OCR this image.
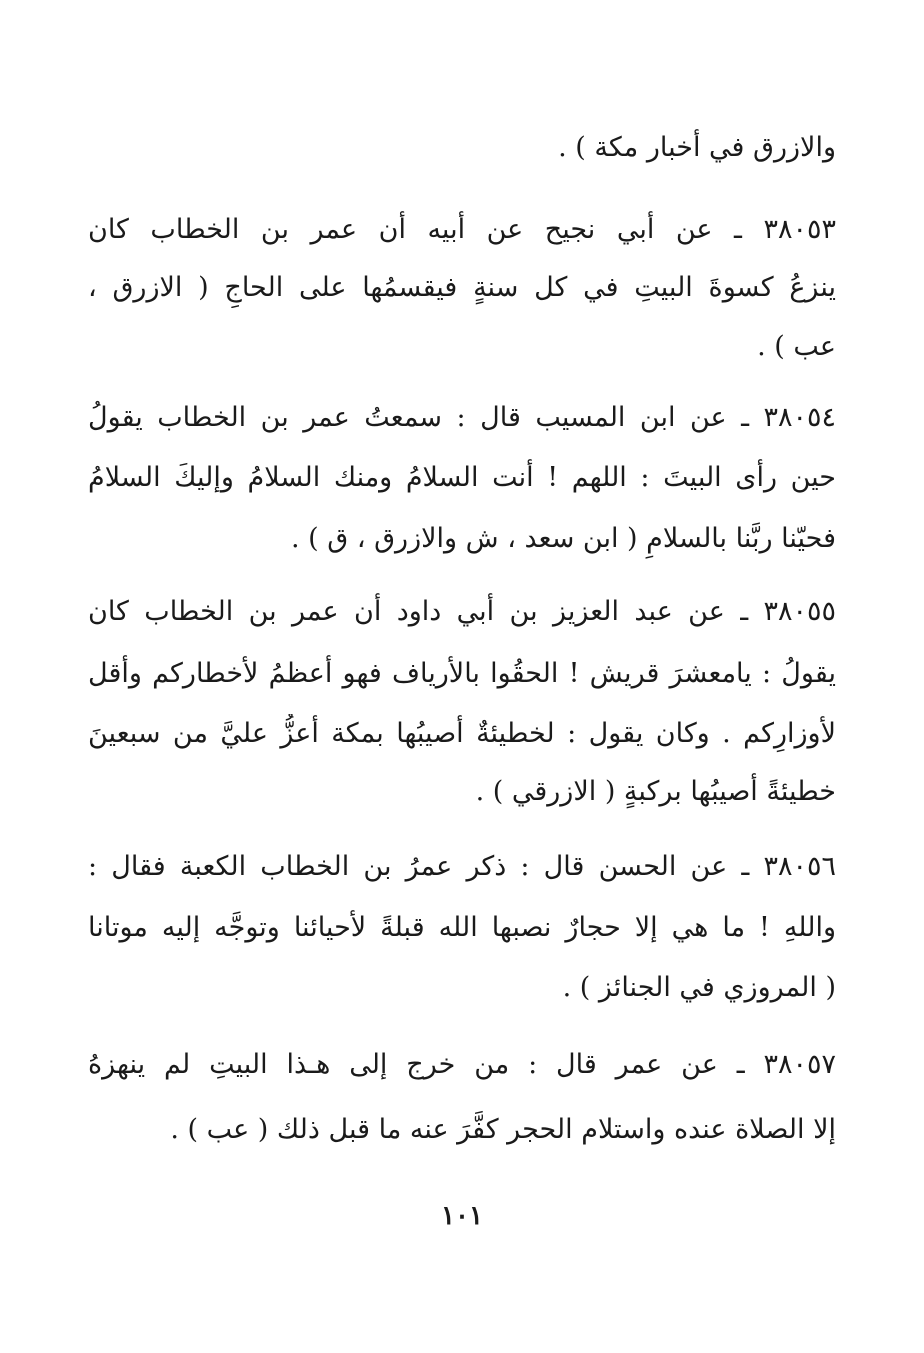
والازرق في أخبار مكة ) .
٣٨٠٥٣ ـ عن أبي نجيح عن أبيه أن عمر بن الخطاب كان
ينزعُ كسوةَ البيتِ في كل سنةٍ فيقسمُها على الحاجِ ( الازرق ،
عب ) .
٣٨٠٥٤ ـ عن ابن المسيب قال : سمعتُ عمر بن الخطاب يقولُ
حين رأى البيتَ : اللهم ! أنت السلامُ ومنك السلامُ وإليكَ السلامُ
فحيّنا ربَّنا بالسلامِ ( ابن سعد ، ش والازرق ، ق ) .
٣٨٠٥٥ ـ عن عبد العزيز بن أبي داود أن عمر بن الخطاب كان
يقولُ : يامعشرَ قريش ! الحقُوا بالأرياف فهو أعظمُ لأخطاركم وأقل
لأوزارِكم . وكان يقول : لخطيئةٌ أصيبُها بمكة أعزُّ عليَّ من سبعينَ
خطيئةً أصيبُها بركبةٍ ( الازرقي ) .
٣٨٠٥٦ ـ عن الحسن قال : ذكر عمرُ بن الخطاب الكعبة فقال :
واللهِ ! ما هي إلا حجارٌ نصبها الله قبلةً لأحيائنا وتوجَّه إليه موتانا
( المروزي في الجنائز ) .
٣٨٠٥٧ ـ عن عمر قال : من خرج إلى هـذا البيتِ لم ينهزهُ
إلا الصلاة عنده واستلام الحجر كفَّرَ عنه ما قبل ذلك ( عب ) .
١٠١
